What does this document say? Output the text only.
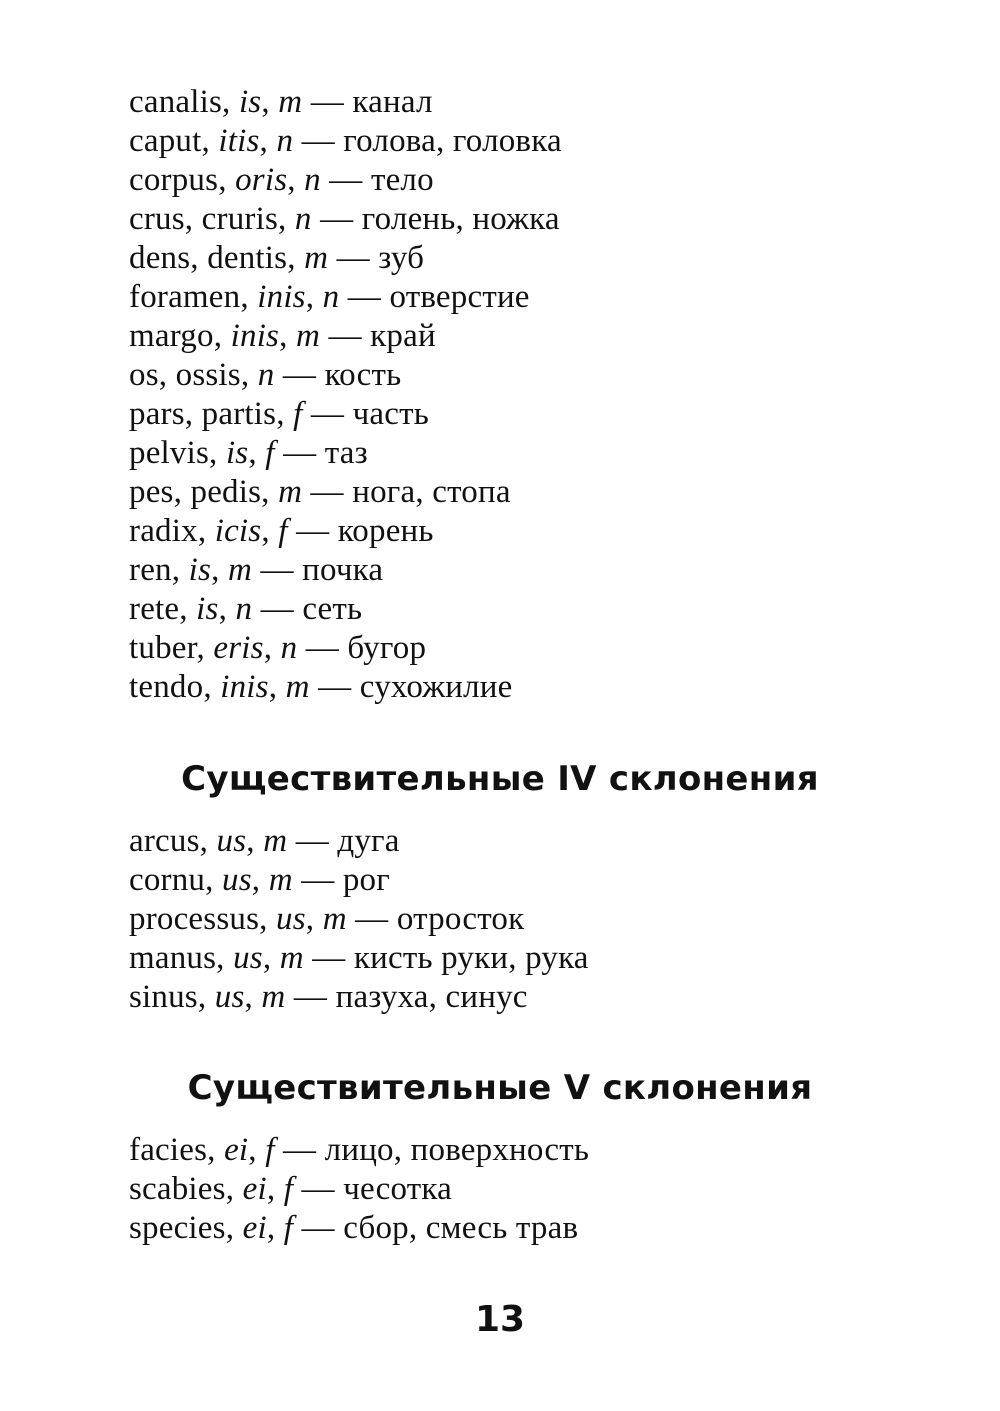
canalis, is, m — канал
caput, itis, n — голова, головка
corpus, oris, n — тело
crus, cruris, n — голень, ножка
dens, dentis, m — зуб
foramen, inis, n — отверстие
margo, inis, m — край
os, ossis, n — кость
pars, partis, f — часть
pelvis, is, f — таз
pes, pedis, m — нога, стопа
radix, icis, f — корень
ren, is, m — почка
rete, is, n — сеть
tuber, eris, n — бугор
tendo, inis, m — сухожилие
Существительные IV склонения
arcus, us, m — дуга
cornu, us, m — рог
processus, us, m — отросток
manus, us, m — кисть руки, рука
sinus, us, m — пазуха, синус
Существительные V склонения
facies, ei, f — лицо, поверхность
scabies, ei, f — чесотка
species, ei, f — сбор, смесь трав
13
